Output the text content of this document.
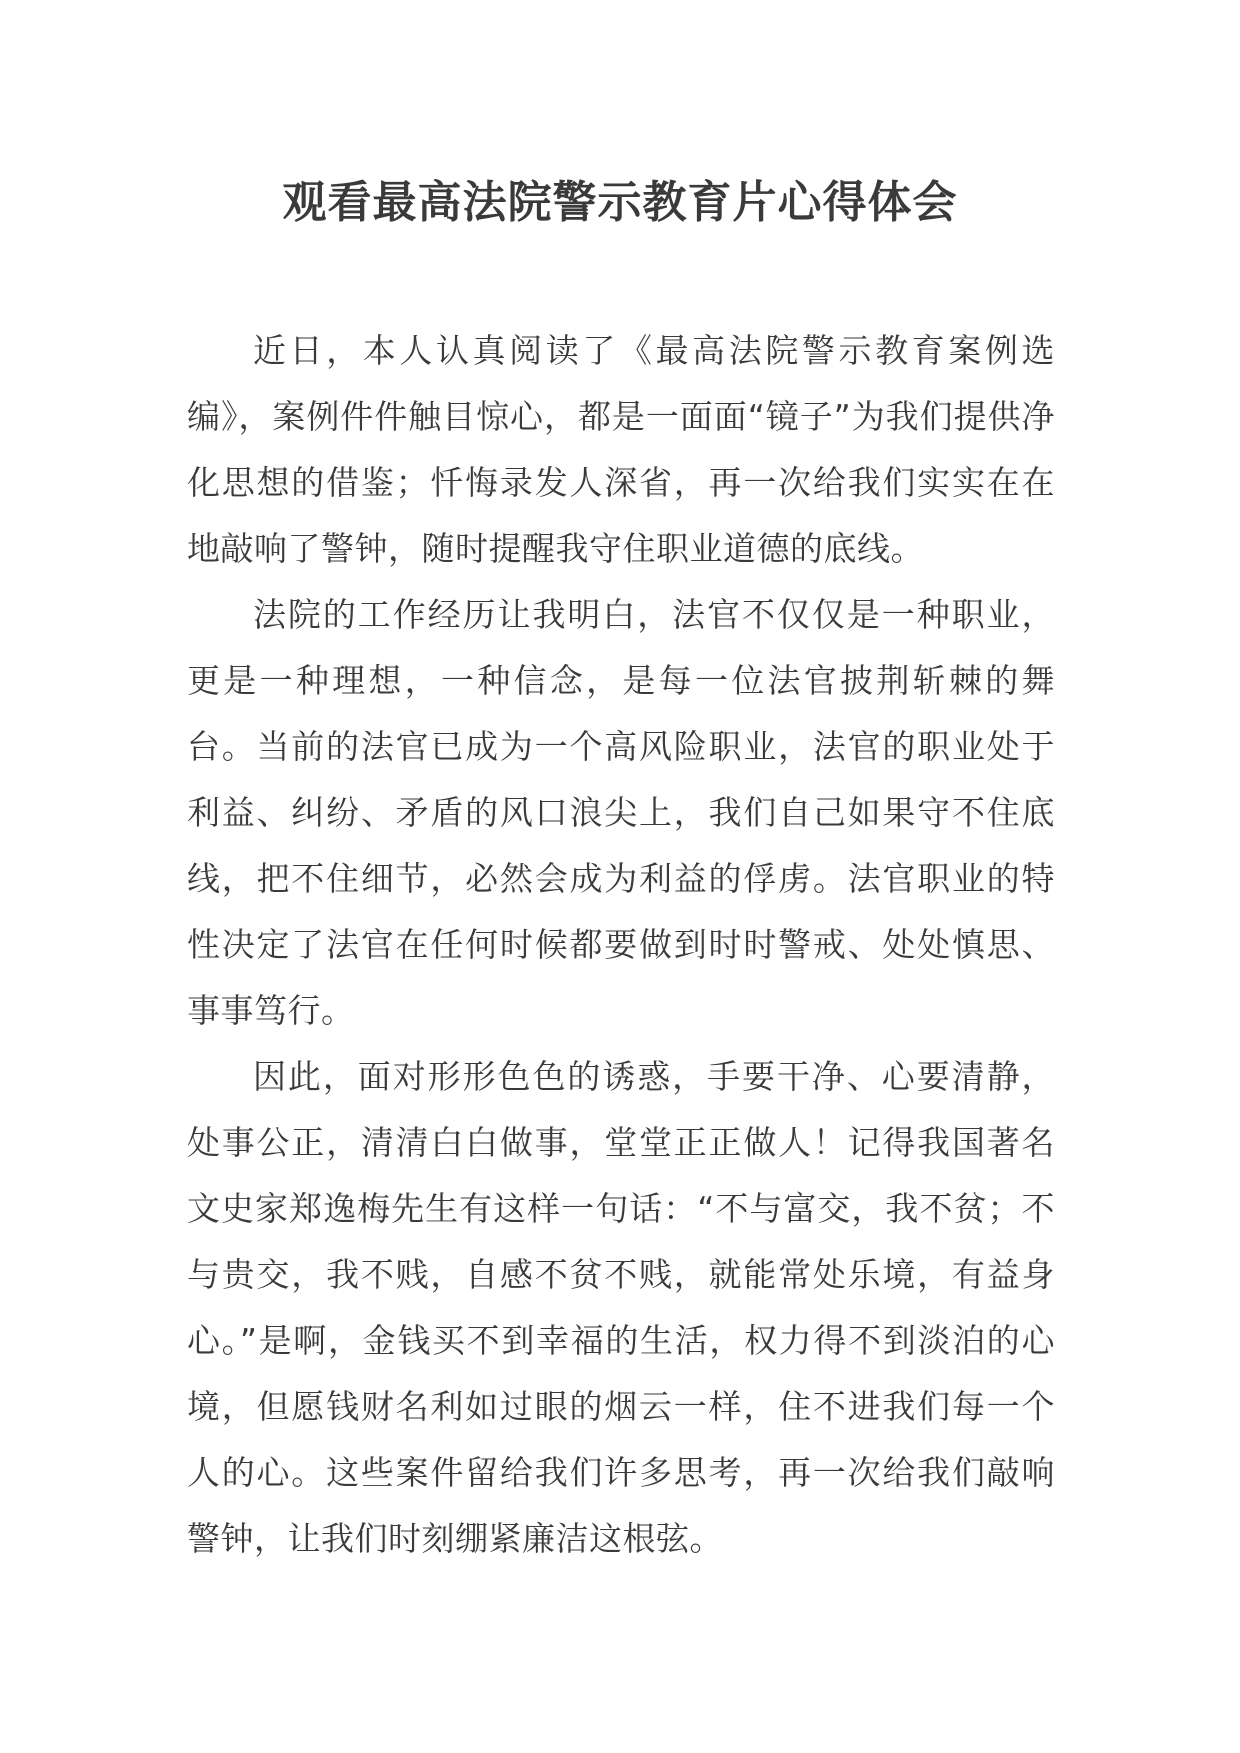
观看最高法院警示教育片心得体会

近日，本人认真阅读了《最高法院警示教育案例选编》，案例件件触目惊心，都是一面面“镜子”为我们提供净化思想的借鉴；忏悔录发人深省，再一次给我们实实在在地敲响了警钟，随时提醒我守住职业道德的底线。

法院的工作经历让我明白，法官不仅仅是一种职业，更是一种理想，一种信念，是每一位法官披荆斩棘的舞台。当前的法官已成为一个高风险职业，法官的职业处于利益、纠纷、矛盾的风口浪尖上，我们自己如果守不住底线，把不住细节，必然会成为利益的俘虏。法官职业的特性决定了法官在任何时候都要做到时时警戒、处处慎思、事事笃行。

因此，面对形形色色的诱惑，手要干净、心要清静，处事公正，清清白白做事，堂堂正正做人！记得我国著名文史家郑逸梅先生有这样一句话：“不与富交，我不贫；不与贵交，我不贱，自感不贫不贱，就能常处乐境，有益身心。”是啊，金钱买不到幸福的生活，权力得不到淡泊的心境，但愿钱财名利如过眼的烟云一样，住不进我们每一个人的心。这些案件留给我们许多思考，再一次给我们敲响警钟，让我们时刻绷紧廉洁这根弦。
